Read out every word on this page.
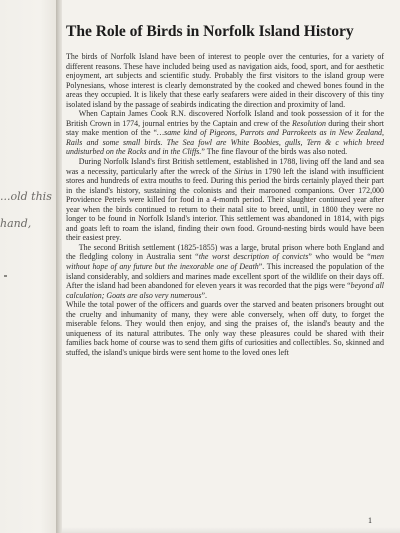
...old this
hand,
The Role of Birds in Norfolk Island History

The birds of Norfolk Island have been of interest to people over the centuries, for a variety of different reasons. These have included being used as navigation aids, food, sport, and for aesthetic enjoyment, art subjects and scientific study. Probably the first visitors to the island group were Polynesians, whose interest is clearly demonstrated by the cooked and chewed bones found in the areas they occupied. It is likely that these early seafarers were aided in their discovery of this tiny isolated island by the passage of seabirds indicating the direction and proximity of land.

When Captain James Cook R.N. discovered Norfolk Island and took possession of it for the British Crown in 1774, journal entries by the Captain and crew of the Resolution during their short stay make mention of the “…same kind of Pigeons, Parrots and Parrokeets as in New Zealand, Rails and some small birds. The Sea fowl are White Boobies, gulls, Tern & c which breed undisturbed on the Rocks and in the Cliffs.” The fine flavour of the birds was also noted.

During Norfolk Island's first British settlement, established in 1788, living off the land and sea was a necessity, particularly after the wreck of the Sirius in 1790 left the island with insufficient stores and hundreds of extra mouths to feed. During this period the birds certainly played their part in the island's history, sustaining the colonists and their marooned companions. Over 172,000 Providence Petrels were killed for food in a 4-month period. Their slaughter continued year after year when the birds continued to return to their natal site to breed, until, in 1800 they were no longer to be found in Norfolk Island's interior. This settlement was abandoned in 1814, with pigs and goats left to roam the island, finding their own food. Ground-nesting birds would have been their easiest prey.

The second British settlement (1825-1855) was a large, brutal prison where both England and the fledgling colony in Australia sent “the worst description of convicts” who would be “men without hope of any future but the inexorable one of Death”. This increased the population of the island considerably, and soldiers and marines made excellent sport of the wildlife on their days off. After the island had been abandoned for eleven years it was recorded that the pigs were “beyond all calculation; Goats are also very numerous”.

While the total power of the officers and guards over the starved and beaten prisoners brought out the cruelty and inhumanity of many, they were able conversely, when off duty, to forget the miserable felons. They would then enjoy, and sing the praises of, the island's beauty and the uniqueness of its natural attributes. The only way these pleasures could be shared with their families back home of course was to send them gifts of curiosities and collectibles. So, skinned and stuffed, the island's unique birds were sent home to the loved ones left

1
